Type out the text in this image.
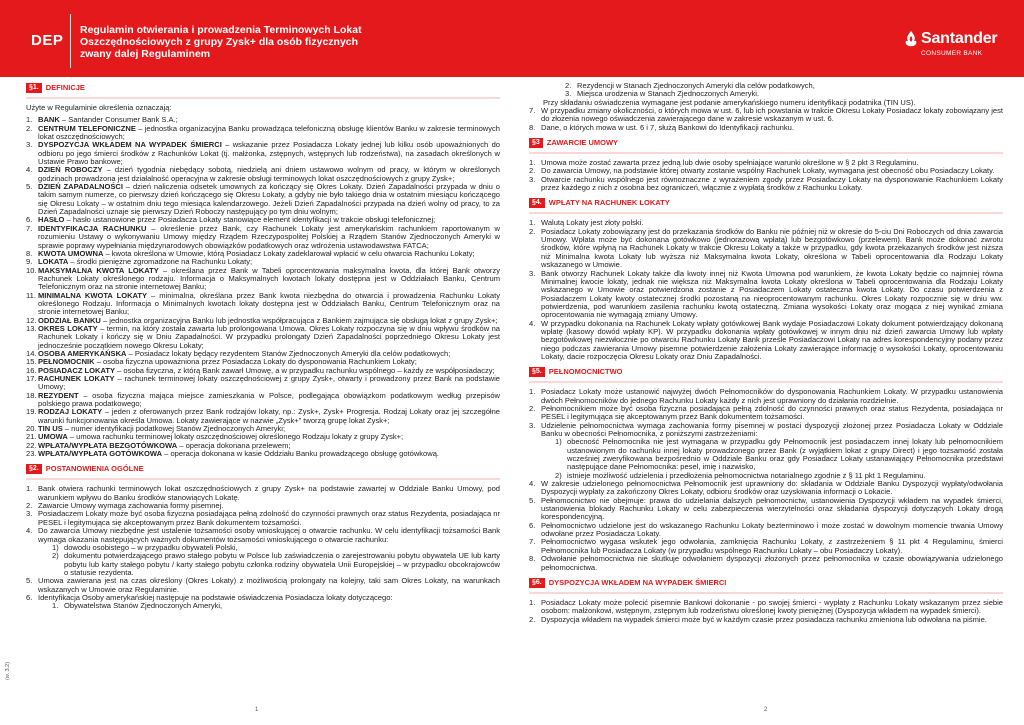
DEP
Regulamin otwierania i prowadzenia Terminowych Lokat
Oszczędnościowych z grupy Zysk+ dla osób fizycznych
zwany dalej Regulaminem
Santander
CONSUMER BANK
§1. DEFINICJE
Użyte w Regulaminie określenia oznaczają:
1. BANK – Santander Consumer Bank S.A.;
2. CENTRUM TELEFONICZNE – jednostka organizacyjna Banku prowadząca telefoniczną obsługę klientów Banku w zakresie terminowych lokat oszczędnościowych;
3. DYSPOZYCJA WKŁADEM NA WYPADEK ŚMIERCI – wskazanie przez Posiadacza Lokaty jednej lub kilku osób upoważnionych do odbioru po jego śmierci środków z Rachunków Lokat (tj. małżonka, zstępnych, wstępnych lub rodzeństwa), na zasadach określonych w Ustawie Prawo bankowe;
4. DZIEŃ ROBOCZY – dzień tygodnia niebędący sobotą, niedzielą ani dniem ustawowo wolnym od pracy, w którym w określonych godzinach prowadzona jest działalność operacyjna w zakresie obsługi terminowych lokat oszczędnościowych z grupy Zysk+;
5. DZIEŃ ZAPADALNOŚCI – dzień naliczenia odsetek umownych za kończący się Okres Lokaty. Dzień Zapadalności przypada w dniu o takim samym numerze, co pierwszy dzień kończącego się Okresu Lokaty, a gdyby nie było takiego dnia w ostatnim miesiącu kończącego się Okresu Lokaty – w ostatnim dniu tego miesiąca kalendarzowego. Jeżeli Dzień Zapadalności przypada na dzień wolny od pracy, to za Dzień Zapadalności uznaje się pierwszy Dzień Roboczy następujący po tym dniu wolnym;
6. HASŁO – hasło ustanowione przez Posiadacza Lokaty stanowiące element identyfikacji w trakcie obsługi telefonicznej;
7. IDENTYFIKACJA RACHUNKU – określenie przez Bank, czy Rachunek Lokaty jest amerykańskim rachunkiem raportowanym w rozumieniu Ustawy o wykonywaniu Umowy między Rządem Rzeczypospolitej Polskiej a Rządem Stanów Zjednoczonych Ameryki w sprawie poprawy wypełniania międzynarodowych obowiązków podatkowych oraz wdrożenia ustawodawstwa FATCA;
8. KWOTA UMOWNA – kwota określona w Umowie, którą Posiadacz Lokaty zadeklarował wpłacić w celu otwarcia Rachunku Lokaty;
9. LOKATA – środki pieniężne zgromadzone na Rachunku Lokaty;
10. MAKSYMALNA KWOTA LOKATY – określana przez Bank w Tabeli oprocentowania maksymalna kwota, dla której Bank otworzy Rachunek Lokaty określonego rodzaju. Informacja o Maksymalnych kwotach lokaty dostępna jest w Oddziałach Banku, Centrum Telefonicznym oraz na stronie internetowej Banku;
11. MINIMALNA KWOTA LOKATY – minimalna, określana przez Bank kwota niezbędna do otwarcia i prowadzenia Rachunku Lokaty określonego Rodzaju. Informacja o Minimalnych kwotach lokaty dostępna jest w Oddziałach Banku, Centrum Telefonicznym oraz na stronie internetowej Banku;
12. ODDZIAŁ BANKU – jednostka organizacyjna Banku lub jednostka współpracująca z Bankiem zajmująca się obsługą lokat z grupy Zysk+;
13. OKRES LOKATY – termin, na który została zawarta lub prolongowana Umowa. Okres Lokaty rozpoczyna się w dniu wpływu środków na Rachunek Lokaty i kończy się w Dniu Zapadalności. W przypadku prolongaty Dzień Zapadalności poprzedniego Okresu Lokaty jest jednocześnie początkiem nowego Okresu Lokaty;
14. OSOBA AMERYKAŃSKA – Posiadacz lokaty będący rezydentem Stanów Zjednoczonych Ameryki dla celów podatkowych;
15. PEŁNOMOCNIK – osoba fizyczna upoważniona przez Posiadacza Lokaty do dysponowania Rachunkiem Lokaty;
16. POSIADACZ LOKATY – osoba fizyczna, z którą Bank zawarł Umowę, a w przypadku rachunku wspólnego – każdy ze współposiadaczy;
17. RACHUNEK LOKATY – rachunek terminowej lokaty oszczędnościowej z grupy Zysk+, otwarty i prowadzony przez Bank na podstawie Umowy;
18. REZYDENT – osoba fizyczna mająca miejsce zamieszkania w Polsce, podlegająca obowiązkom podatkowym według przepisów polskiego prawa podatkowego;
19. RODZAJ LOKATY – jeden z oferowanych przez Bank rodzajów lokaty, np.: Zysk+, Zysk+ Progresja. Rodzaj Lokaty oraz jej szczegółne warunki funkcjonowania określa Umowa. Lokaty zawierające w nazwie „Zysk+” tworzą grupę lokat Zysk+;
20. TIN US – numer identyfikacji podatkowej Stanów Zjednoczonych Ameryki;
21. UMOWA – umowa rachunku terminowej lokaty oszczędnościowej określonego Rodzaju lokaty z grupy Zysk+;
22. WPŁATA/WYPŁATA BEZGOTÓWKOWA – operacja dokonana przelewem;
23. WPŁATA/WYPŁATA GOTÓWKOWA – operacja dokonana w kasie Oddziału Banku prowadzącego obsługę gotówkową.
§2. POSTANOWIENIA OGÓLNE
1. Bank otwiera rachunki terminowych lokat oszczędnościowych z grupy Zysk+ na podstawie zawartej w Oddziale Banku Umowy, pod warunkiem wpływu do Banku środków stanowiących Lokatę.
2. Zawarcie Umowy wymaga zachowania formy pisemnej.
3. Posiadaczem Lokaty może być osoba fizyczna posiadająca pełną zdolność do czynności prawnych oraz status Rezydenta, posiadająca nr PESEL i legitymująca się akceptowanym przez Bank dokumentem tożsamości.
4. Do zawarcia Umowy niezbędne jest ustalenie tożsamości osoby wnioskującej o otwarcie rachunku. W celu identyfikacji tożsamości Bank wymaga okazania następujących ważnych dokumentów tożsamości wnioskującego o otwarcie rachunku:
1) dowodu osobistego – w przypadku obywateli Polski,
2) dokumentu potwierdzającego prawo stałego pobytu w Polsce lub zaświadczenia o zarejestrowaniu pobytu obywatela UE lub karty pobytu lub karty stałego pobytu / karty stałego pobytu członka rodziny obywatela Unii Europejskiej – w przypadku obcokrajowców o statusie rezydenta.
5. Umowa zawierana jest na czas określony (Okres Lokaty) z możliwością prolongaty na kolejny, taki sam Okres Lokaty, na warunkach wskazanych w Umowie oraz Regulaminie.
6. Identyfikacja Osoby amerykańskiej następuje na podstawie oświadczenia Posiadacza lokaty dotyczącego:
1. Obywatelstwa Stanów Zjednoczonych Ameryki,
2. Rezydencji w Stanach Zjednoczonych Ameryki dla celów podatkowych,
3. Miejsca urodzenia w Stanach Zjednoczonych Ameryki.
Przy składaniu oświadczenia wymagane jest podanie amerykańskiego numeru identyfikacji podatnika (TIN US).
7. W przypadku zmiany okoliczności, o których mowa w ust. 6, lub ich powstania w trakcie Okresu Lokaty Posiadacz lokaty zobowiązany jest do złożenia nowego oświadczenia zawierającego dane w zakresie wskazanym w ust. 6.
8. Dane, o których mowa w ust. 6 i 7, służą Bankowi do Identyfikacji rachunku.
§3 ZAWARCIE UMOWY
1. Umowa może zostać zawarta przez jedną lub dwie osoby spełniające warunki określone w § 2 pkt 3 Regulaminu.
2. Do zawarcia Umowy, na podstawie której otwarty zostanie wspólny Rachunek Lokaty, wymagana jest obecność obu Posiadaczy Lokaty.
3. Otwarcie rachunku wspólnego jest równoznaczne z wyrażeniem zgody przez Posiadaczy Lokaty na dysponowanie Rachunkiem Lokaty przez każdego z nich z osobna bez ograniczeń, włącznie z wypłatą środków z Rachunku Lokaty.
§4. WPŁATY NA RACHUNEK LOKATY
1. Walutą Lokaty jest złoty polski.
2. Posiadacz Lokaty zobowiązany jest do przekazania środków do Banku nie później niż w okresie do 5-ciu Dni Roboczych od dnia zawarcia Umowy. Wpłata może być dokonana gotówkowo (jednorazową wpłatą) lub bezgotówkowo (przelewem). Bank może dokonać zwrotu środków, które wpłyną na Rachunek Lokaty w trakcie Okresu Lokaty a także w przypadku, gdy kwota przekazanych środków jest niższa niż Minimalna kwota Lokaty lub wyższa niż Maksymalna kwota Lokaty, określona w Tabeli oprocentowania dla Rodzaju Lokaty wskazanego w Umowie.
3. Bank otworzy Rachunek Lokaty także dla kwoty innej niż Kwota Umowna pod warunkiem, że kwota Lokaty będzie co najmniej równa Minimalnej kwocie lokaty, jednak nie większa niż Maksymalna kwota Lokaty określona w Tabeli oprocentowania dla Rodzaju Lokaty wskazanego w Umowie oraz potwierdzona zostanie z Posiadaczem Lokaty ostateczna kwota Lokaty. Do czasu potwierdzenia z Posiadaczem Lokaty kwoty ostatecznej środki pozostaną na nieoprocentowanym rachunku. Okres Lokaty rozpocznie się w dniu ww. potwierdzenia, pod warunkiem zasilenia rachunku kwotą ostateczną. Zmiana wysokości Lokaty oraz mogąca z niej wynikać zmiana oprocentowania nie wymagają zmiany Umowy.
4. W przypadku dokonania na Rachunek Lokaty wpłaty gotówkowej Bank wydaje Posiadaczowi Lokaty dokument potwierdzający dokonaną wpłatę (kasowy dowód wpłaty KP). W przypadku dokonania wpłaty gotówkowej w innym dniu niż dzień zawarcia Umowy lub wpłaty bezgotówkowej niezwłocznie po otwarciu Rachunku Lokaty Bank prześle Posiadaczowi Lokaty na adres korespondencyjny podany przez niego podczas zawierania Umowy pisemne potwierdzenie założenia Lokaty zawierające informację o wysokości Lokaty, oprocentowaniu Lokaty, dacie rozpoczęcia Okresu Lokaty oraz Dniu Zapadalności.
§5. PEŁNOMOCNICTWO
1. Posiadacz Lokaty może ustanowić najwyżej dwóch Pełnomocników do dysponowania Rachunkiem Lokaty. W przypadku ustanowienia dwóch Pełnomocników do jednego Rachunku Lokaty każdy z nich jest uprawniony do działania rozdzielnie.
2. Pełnomocnikiem może być osoba fizyczna posiadająca pełną zdolność do czynności prawnych oraz status Rezydenta, posiadająca nr PESEL i legitymująca się akceptowanym przez Bank dokumentem tożsamości.
3. Udzielenie pełnomocnictwa wymaga zachowania formy pisemnej w postaci dyspozycji złożonej przez Posiadacza Lokaty w Oddziale Banku w obecności Pełnomocnika, z poniższymi zastrzeżeniami:
1) obecność Pełnomocnika nie jest wymagana w przypadku gdy Pełnomocnik jest posiadaczem innej lokaty lub pełnomocnikiem ustanowionym do rachunku innej lokaty prowadzonego przez Bank (z wyjątkiem lokat z grupy Direct) i jego tożsamość została wcześniej zweryfikowana bezpośrednio w Oddziale Banku oraz gdy Posiadacz Lokaty ustanawiający Pełnomocnika przedstawi następujące dane Pełnomocnika: pesel, imię i nazwisko,
2) istnieje możliwość udzielenia i przedłożenia pełnomocnictwa notarialnego zgodnie z § 11 pkt 1 Regulaminu.
4. W zakresie udzielonego pełnomocnictwa Pełnomocnik jest uprawniony do: składania w Oddziale Banku Dyspozycji wypłaty/odwołania Dyspozycji wypłaty za zakończony Okres Lokaty, odbioru środków oraz uzyskiwania informacji o Lokacie.
5. Pełnomocnictwo nie obejmuje: prawa do udzielania dalszych pełnomocnictw, ustanowienia Dyspozycji wkładem na wypadek śmierci, ustanowienia blokady Rachunku Lokaty w celu zabezpieczenia wierzytelności oraz składania dyspozycji dotyczących Lokaty drogą korespondencyjną.
6. Pełnomocnictwo udzielone jest do wskazanego Rachunku Lokaty bezterminowo i może zostać w dowolnym momencie trwania Umowy odwołane przez Posiadacza Lokaty.
7. Pełnomocnictwo wygasa wskutek jego odwołania, zamknięcia Rachunku Lokaty, z zastrzeżeniem § 11 pkt 4 Regulaminu, śmierci Pełnomocnika lub Posiadacza Lokaty (w przypadku wspólnego Rachunku Lokaty – obu Posiadaczy Lokaty).
8. Odwołanie pełnomocnictwa nie skutkuje odwołaniem dyspozycji złożonych przez pełnomocnika w czasie obowiązywania udzielonego pełnomocnictwa.
§6. DYSPOZYCJA WKŁADEM NA WYPADEK ŚMIERCI
1. Posiadacz Lokaty może polecić pisemnie Bankowi dokonanie - po swojej śmierci - wypłaty z Rachunku Lokaty wskazanym przez siebie osobom: małżonkowi, wstępnym, zstępnym lub rodzeństwu określonej kwoty pieniężnej (Dyspozycja wkładem na wypadek śmierci).
2. Dyspozycja wkładem na wypadek śmierci może być w każdym czasie przez posiadacza rachunku zmieniona lub odwołana na piśmie.
1	2
(w. 3.2)
